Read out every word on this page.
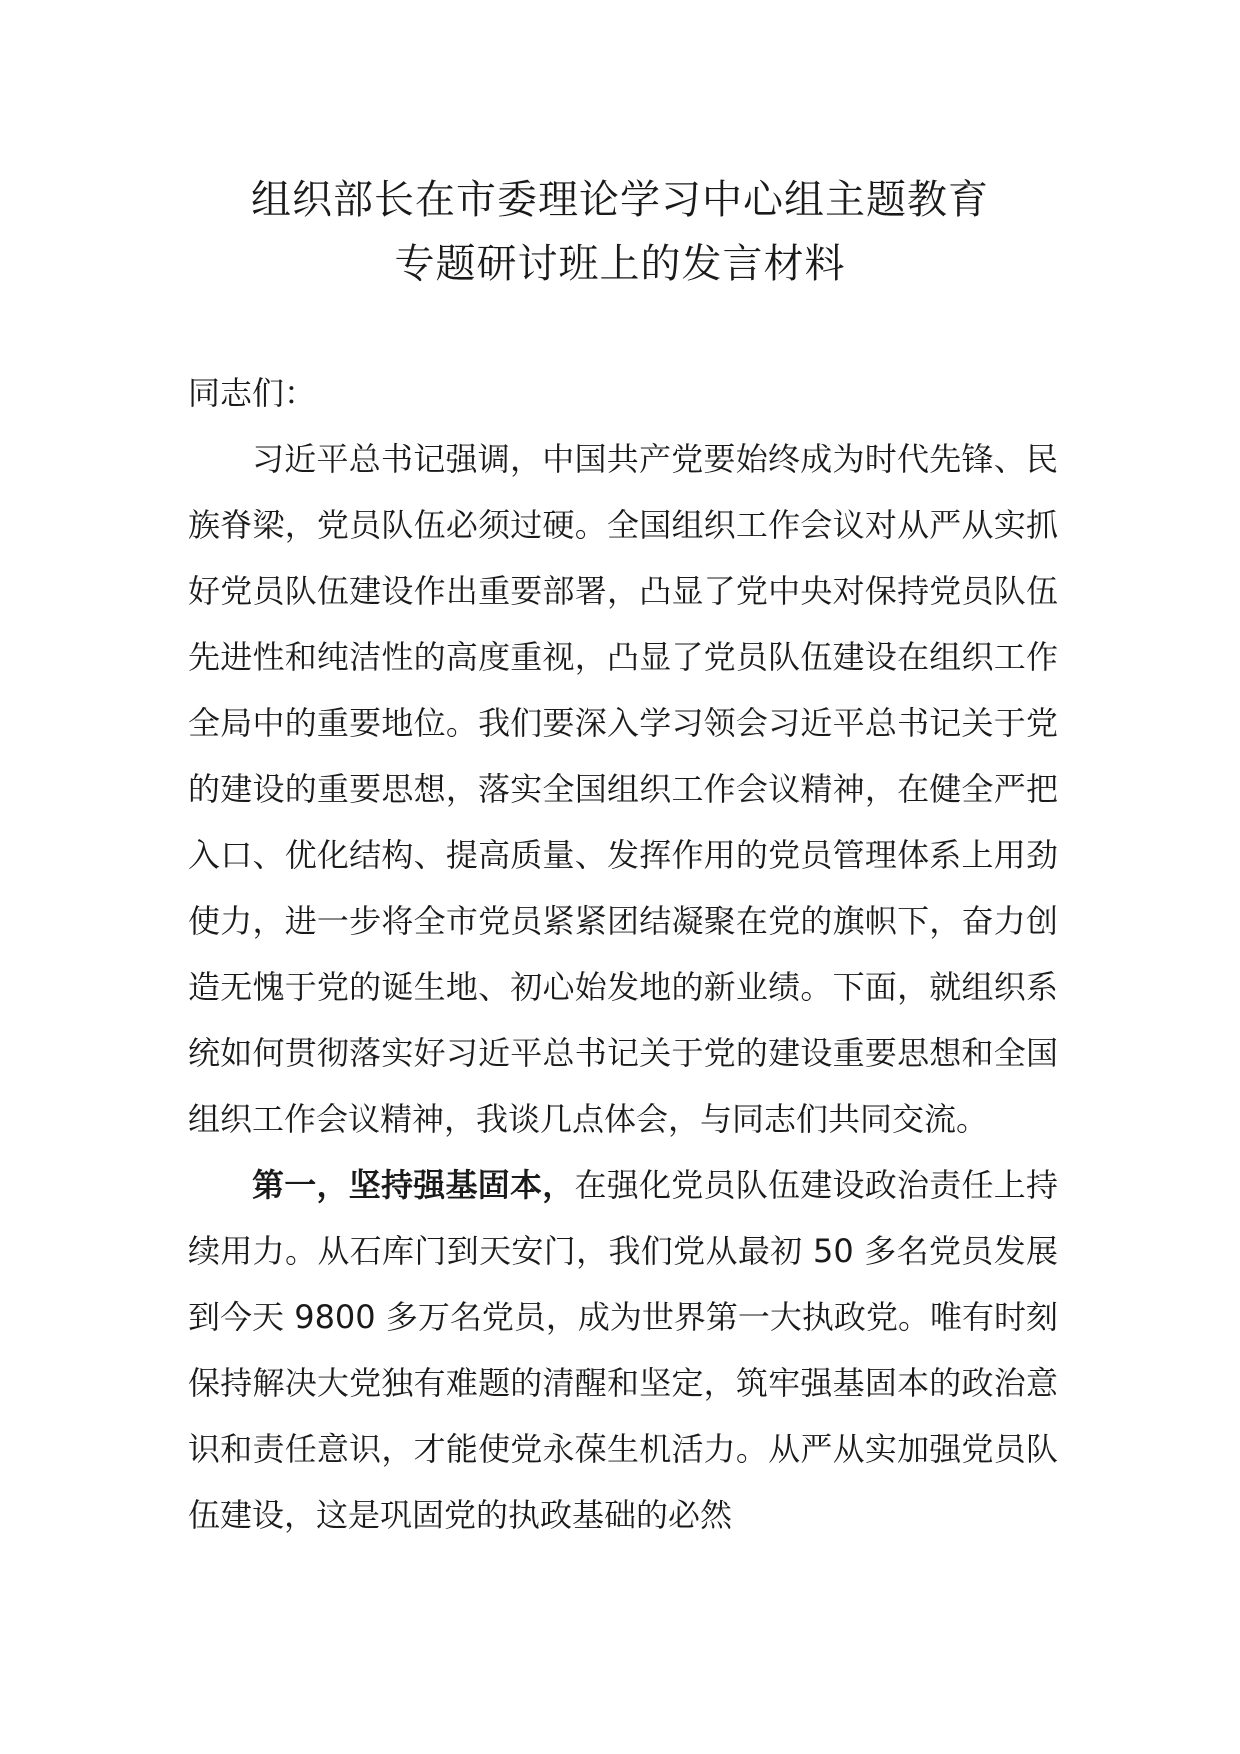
组织部长在市委理论学习中心组主题教育
专题研讨班上的发言材料

同志们：

习近平总书记强调，中国共产党要始终成为时代先锋、民族脊梁，党员队伍必须过硬。全国组织工作会议对从严从实抓好党员队伍建设作出重要部署，凸显了党中央对保持党员队伍先进性和纯洁性的高度重视，凸显了党员队伍建设在组织工作全局中的重要地位。我们要深入学习领会习近平总书记关于党的建设的重要思想，落实全国组织工作会议精神，在健全严把入口、优化结构、提高质量、发挥作用的党员管理体系上用劲使力，进一步将全市党员紧紧团结凝聚在党的旗帜下，奋力创造无愧于党的诞生地、初心始发地的新业绩。下面，就组织系统如何贯彻落实好习近平总书记关于党的建设重要思想和全国组织工作会议精神，我谈几点体会，与同志们共同交流。

第一，坚持强基固本，在强化党员队伍建设政治责任上持续用力。从石库门到天安门，我们党从最初 50 多名党员发展到今天 9800 多万名党员，成为世界第一大执政党。唯有时刻保持解决大党独有难题的清醒和坚定，筑牢强基固本的政治意识和责任意识，才能使党永葆生机活力。从严从实加强党员队伍建设，这是巩固党的执政基础的必然
